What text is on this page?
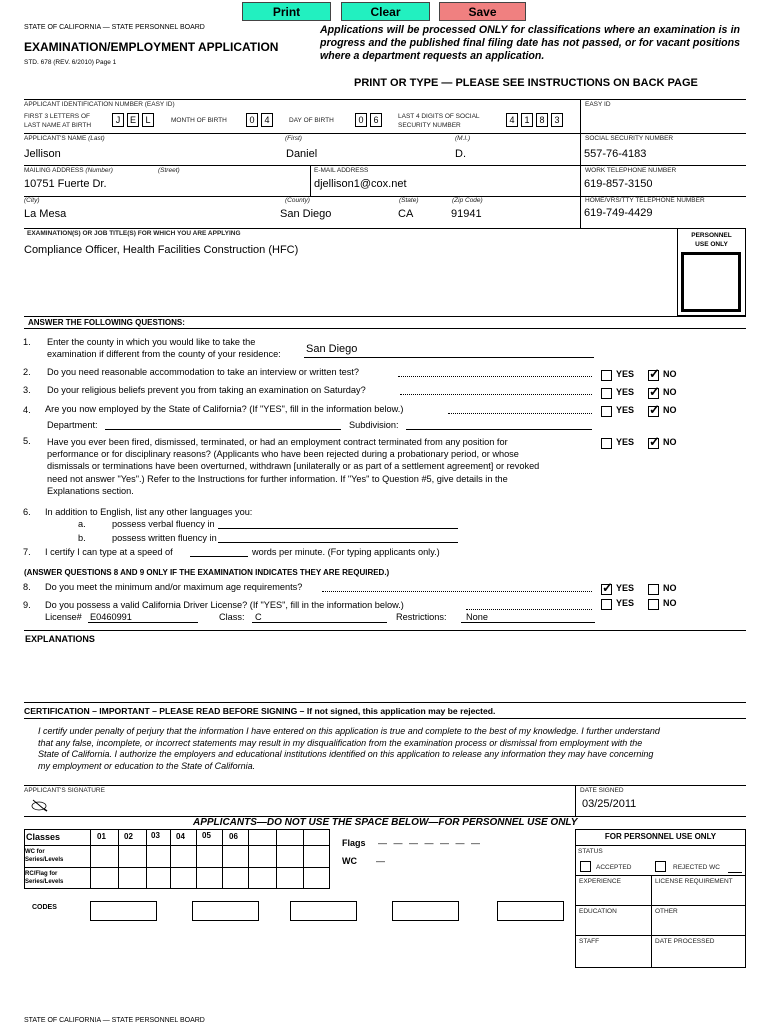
Print	Clear	Save
STATE OF CALIFORNIA — STATE PERSONNEL BOARD
EXAMINATION/EMPLOYMENT APPLICATION
STD. 678 (REV. 6/2010) Page 1
Applications will be processed ONLY for classifications where an examination is in progress and the published final filing date has not passed, or for vacant positions where a department requests an application.
PRINT OR TYPE — PLEASE SEE INSTRUCTIONS ON BACK PAGE
APPLICANT IDENTIFICATION NUMBER (EASY ID)
FIRST 3 LETTERS OF
LAST NAME AT BIRTH
J	E	L	MONTH OF BIRTH	0	4	DAY OF BIRTH	0	6	LAST 4 DIGITS OF SOCIAL
SECURITY NUMBER
4	1	8	3
EASY ID
APPLICANT'S NAME (Last)	(First)	(M.I.)
Jellison	Daniel	D.
SOCIAL SECURITY NUMBER
557-76-4183
MAILING ADDRESS (Number)	(Street)
10751 Fuerte Dr.
E-MAIL ADDRESS
djellison1@cox.net
WORK TELEPHONE NUMBER
619-857-3150
(City)	(County)	(State)	(Zip Code)
La Mesa	San Diego	CA	91941
HOME/VRS/TTY TELEPHONE NUMBER
619-749-4429
EXAMINATION(S) OR JOB TITLE(S) FOR WHICH YOU ARE APPLYING
Compliance Officer, Health Facilities Construction (HFC)
PERSONNEL
USE ONLY
ANSWER THE FOLLOWING QUESTIONS:
1. Enter the county in which you would like to take the
examination if different from the county of your residence: San Diego
2. Do you need reasonable accommodation to take an interview or written test?	YES ✓ NO
3. Do your religious beliefs prevent you from taking an examination on Saturday?	YES ✓ NO
4. Are you now employed by the State of California? (If "YES", fill in the information below.)	YES ✓ NO
Department:	Subdivision:
5. Have you ever been fired, dismissed, terminated, or had an employment contract terminated from any position for
performance or for disciplinary reasons? (Applicants who have been rejected during a probationary period, or whose
dismissals or terminations have been overturned, withdrawn [unilaterally or as part of a settlement agreement] or revoked
need not answer "Yes".) Refer to the Instructions for further information. If "Yes" to Question #5, give details in the
Explanations section.
YES ✓ NO
6. In addition to English, list any other languages you:
a.	possess verbal fluency in
b.	possess written fluency in
7. I certify I can type at a speed of	words per minute. (For typing applicants only.)
(ANSWER QUESTIONS 8 AND 9 ONLY IF THE EXAMINATION INDICATES THEY ARE REQUIRED.)
8. Do you meet the minimum and/or maximum age requirements?	✓ YES	NO
9. Do you possess a valid California Driver License? (If "YES", fill in the information below.)	YES	NO
License# E0460991	Class: C	Restrictions: None
EXPLANATIONS
CERTIFICATION – IMPORTANT – PLEASE READ BEFORE SIGNING – If not signed, this application may be rejected.
I certify under penalty of perjury that the information I have entered on this application is true and complete to the best of my knowledge. I further understand
that any false, incomplete, or incorrect statements may result in my disqualification from the examination process or dismissal from employment with the
State of California. I authorize the employers and educational institutions identified on this application to release any information they may have concerning
my employment or education to the State of California.
APPLICANT'S SIGNATURE	DATE SIGNED
03/25/2011
APPLICANTS—DO NOT USE THE SPACE BELOW—FOR PERSONNEL USE ONLY
Classes	01 02 03 04 05 06
WC for
Series/Levels
RC/Flag for
Series/Levels
Flags — — — — — — —
WC —
CODES
FOR PERSONNEL USE ONLY
STATUS
ACCEPTED	REJECTED WC
EXPERIENCE	LICENSE REQUIREMENT
EDUCATION	OTHER
STAFF	DATE PROCESSED
STATE OF CALIFORNIA — STATE PERSONNEL BOARD
